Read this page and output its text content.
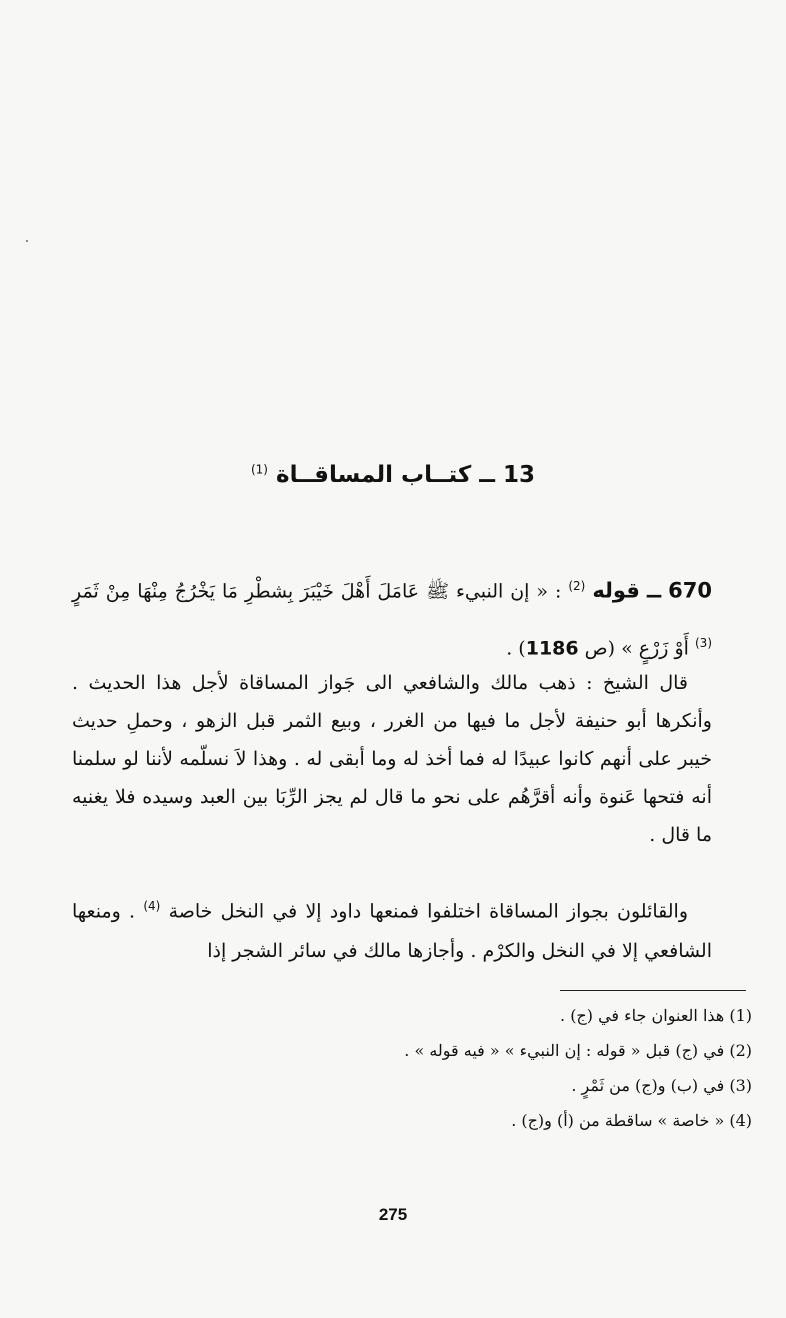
13 ــ كتــاب المساقــاة $^{(1)}$
670 ــ قوله $^{(2)}$ : « إن النبيء ﷺ عَامَلَ أَهْلَ خَيْبَرَ بِشطْرِ مَا يَخْرُجُ مِنْهَا مِنْ ثَمَرٍ $^{(3)}$ أَوْ زَرْعٍ » (ص 1186) .
قال الشيخ : ذهب مالك والشافعي الى جَواز المساقاة لأجل هذا الحديث . وأنكرها أبو حنيفة لأجل ما فيها من الغرر ، وبيع الثمر قبل الزهو ، وحملِ حديث خيبر على أنهم كانوا عبيدًا له فما أخذ له وما أبقى له . وهذا لاَ نسلّمه لأننا لو سلمنا أنه فتحها عَنوة وأنه أقرَّهُم على نحو ما قال لم يجز الرِّبَا بين العبد وسيده فلا يغنيه ما قال .
والقائلون بجواز المساقاة اختلفوا فمنعها داود إلا في النخل خاصة $^{(4)}$ . ومنعها الشافعي إلا في النخل والكرْم . وأجازها مالك في سائر الشجر إذا
(1) هذا العنوان جاء في (ج) .
(2) في (ج) قبل « قوله : إن النبيء » « فيه قوله » .
(3) في (ب) و(ج) من ثَمْرٍ .
(4) « خاصة » ساقطة من (أ) و(ج) .
275
